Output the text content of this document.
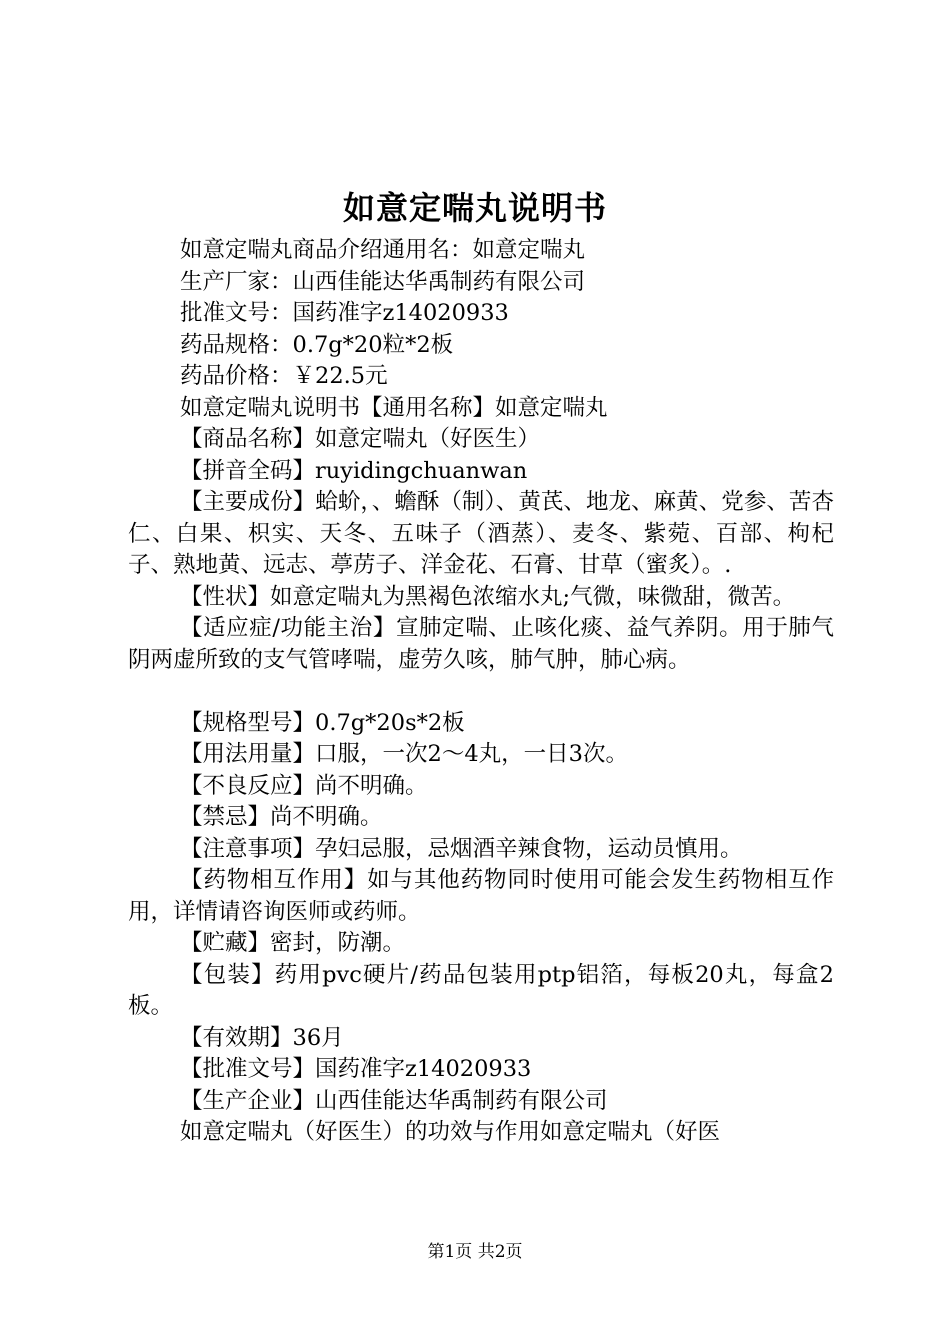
如意定喘丸说明书

如意定喘丸商品介绍通用名：如意定喘丸

生产厂家：山西佳能达华禹制药有限公司

批准文号：国药准字z14020933

药品规格：0.7g*20粒*2板

药品价格：￥22.5元

如意定喘丸说明书【通用名称】如意定喘丸

【商品名称】如意定喘丸（好医生）

【拼音全码】ruyidingchuanwan

【主要成份】蛤蚧，、蟾酥（制）、黄芪、地龙、麻黄、党参、苦杏仁、白果、枳实、天冬、五味子（酒蒸）、麦冬、紫菀、百部、枸杞子、熟地黄、远志、葶苈子、洋金花、石膏、甘草（蜜炙）。.

【性状】如意定喘丸为黑褐色浓缩水丸;气微，味微甜，微苦。

【适应症/功能主治】宣肺定喘、止咳化痰、益气养阴。用于肺气阴两虚所致的支气管哮喘，虚劳久咳，肺气肿，肺心病。

【规格型号】0.7g*20s*2板

【用法用量】口服，一次2～4丸，一日3次。

【不良反应】尚不明确。

【禁忌】尚不明确。

【注意事项】孕妇忌服，忌烟酒辛辣食物，运动员慎用。

【药物相互作用】如与其他药物同时使用可能会发生药物相互作用，详情请咨询医师或药师。

【贮藏】密封，防潮。

【包装】药用pvc硬片/药品包装用ptp铝箔，每板20丸，每盒2板。

【有效期】36月

【批准文号】国药准字z14020933

【生产企业】山西佳能达华禹制药有限公司

如意定喘丸（好医生）的功效与作用如意定喘丸（好医

第1页 共2页
